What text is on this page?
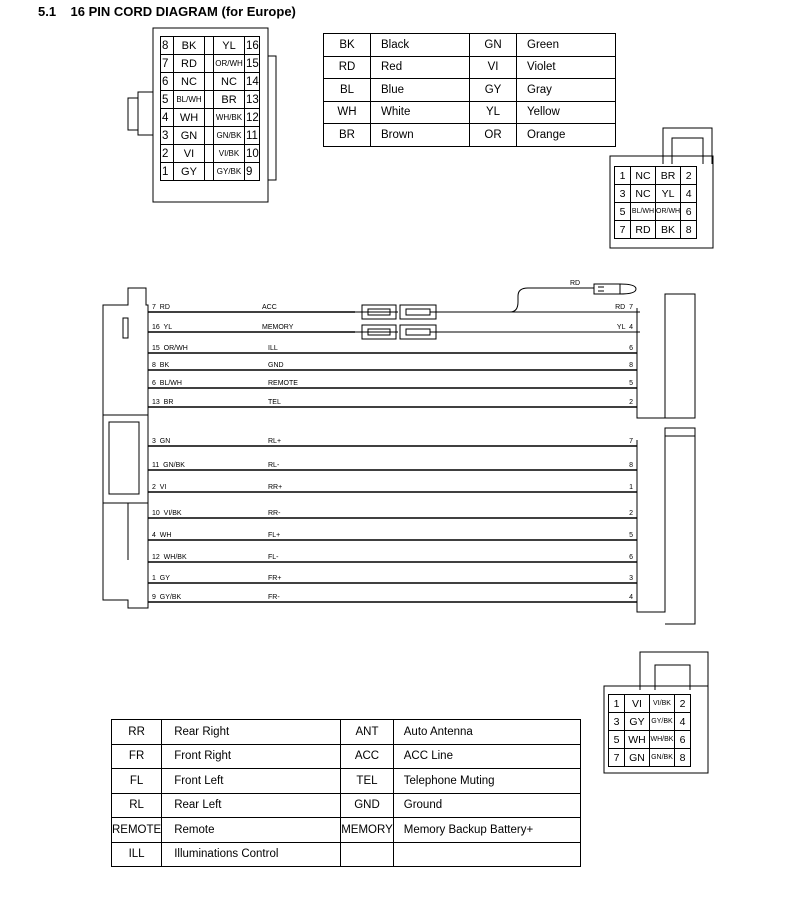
5.1 16 PIN CORD DIAGRAM (for Europe)
8	BK		YL	16
7	RD		OR/WH	15
6	NC		NC	14
5	BL/WH		BR	13
4	WH		WH/BK	12
3	GN		GN/BK	11
2	VI		VI/BK	10
1	GY		GY/BK	9
BK	Black	GN	Green
RD	Red	VI	Violet
BL	Blue	GY	Gray
WH	White	YL	Yellow
BR	Brown	OR	Orange
1	NC	BR	2
3	NC	YL	4
5	BL/WH	OR/WH	6
7	RD	BK	8
1	VI	VI/BK	2
3	GY	GY/BK	4
5	WH	WH/BK	6
7	GN	GN/BK	8
7  RD	ACC	RD  7
16  YL	MEMORY	YL  4
15  OR/WH	ILL	6
8  BK	GND	8
6  BL/WH	REMOTE	5
13  BR	TEL	2
3  GN	RL+	7
11  GN/BK	RL-	8
2  VI	RR+	1
10  VI/BK	RR-	2
4  WH	FL+	5
12  WH/BK	FL-	6
1  GY	FR+	3
9  GY/BK	FR-	4
RD
RR	Rear Right	ANT	Auto Antenna
FR	Front Right	ACC	ACC Line
FL	Front Left	TEL	Telephone Muting
RL	Rear Left	GND	Ground
REMOTE	Remote	MEMORY	Memory Backup Battery+
ILL	Illuminations Control		
